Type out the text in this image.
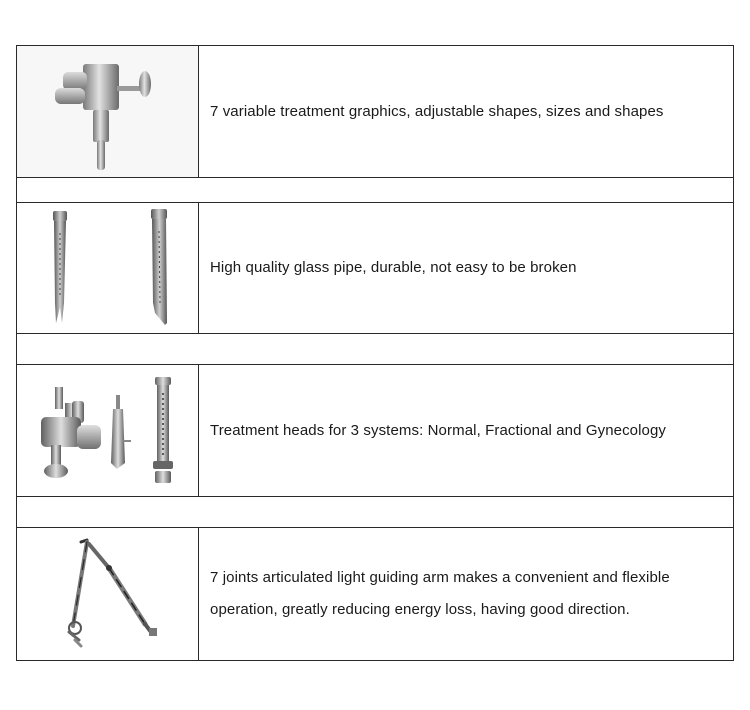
7 variable treatment graphics, adjustable shapes, sizes and shapes
High quality glass pipe, durable, not easy to be broken
Treatment heads for 3 systems: Normal, Fractional and Gynecology
7 joints articulated light guiding arm makes a convenient and flexible
operation, greatly reducing energy loss, having good direction.
